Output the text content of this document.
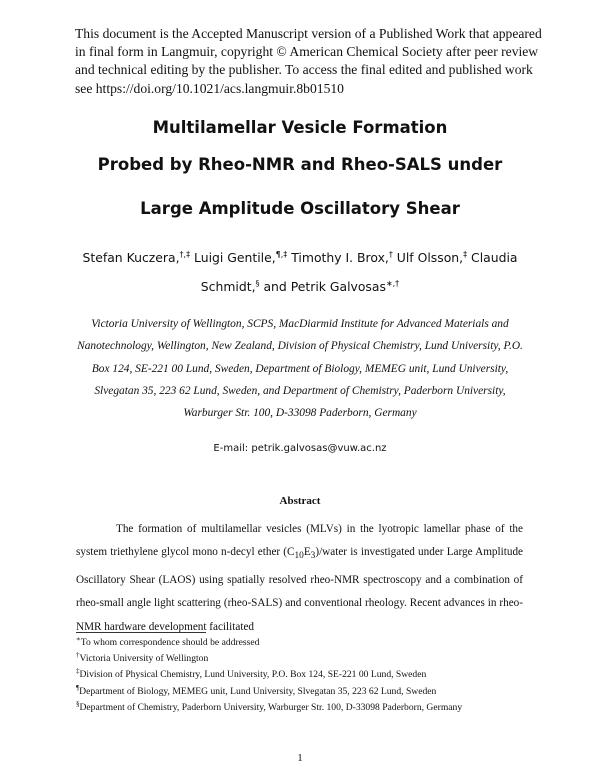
This document is the Accepted Manuscript version of a Published Work that appeared in final form in Langmuir, copyright © American Chemical Society after peer review and technical editing by the publisher. To access the final edited and published work see https://doi.org/10.1021/acs.langmuir.8b01510
Multilamellar Vesicle Formation
Probed by Rheo-NMR and Rheo-SALS under
Large Amplitude Oscillatory Shear
Stefan Kuczera,†,‡ Luigi Gentile,¶,‡ Timothy I. Brox,† Ulf Olsson,‡ Claudia Schmidt,§ and Petrik Galvosas∗,†
Victoria University of Wellington, SCPS, MacDiarmid Institute for Advanced Materials and Nanotechnology, Wellington, New Zealand, Division of Physical Chemistry, Lund University, P.O. Box 124, SE-221 00 Lund, Sweden, Department of Biology, MEMEG unit, Lund University, Slvegatan 35, 223 62 Lund, Sweden, and Department of Chemistry, Paderborn University, Warburger Str. 100, D-33098 Paderborn, Germany
E-mail: petrik.galvosas@vuw.ac.nz
Abstract

The formation of multilamellar vesicles (MLVs) in the lyotropic lamellar phase of the system triethylene glycol mono n-decyl ether $(C_{10}E_3)$/water is investigated under Large Amplitude Oscillatory Shear (LAOS) using spatially resolved rheo-NMR spectroscopy and a combination of rheo-small angle light scattering (rheo-SALS) and conventional rheology. Recent advances in rheo-NMR hardware development facilitated

∗To whom correspondence should be addressed
†Victoria University of Wellington
‡Division of Physical Chemistry, Lund University, P.O. Box 124, SE-221 00 Lund, Sweden
¶Department of Biology, MEMEG unit, Lund University, Slvegatan 35, 223 62 Lund, Sweden
§Department of Chemistry, Paderborn University, Warburger Str. 100, D-33098 Paderborn, Germany
1
